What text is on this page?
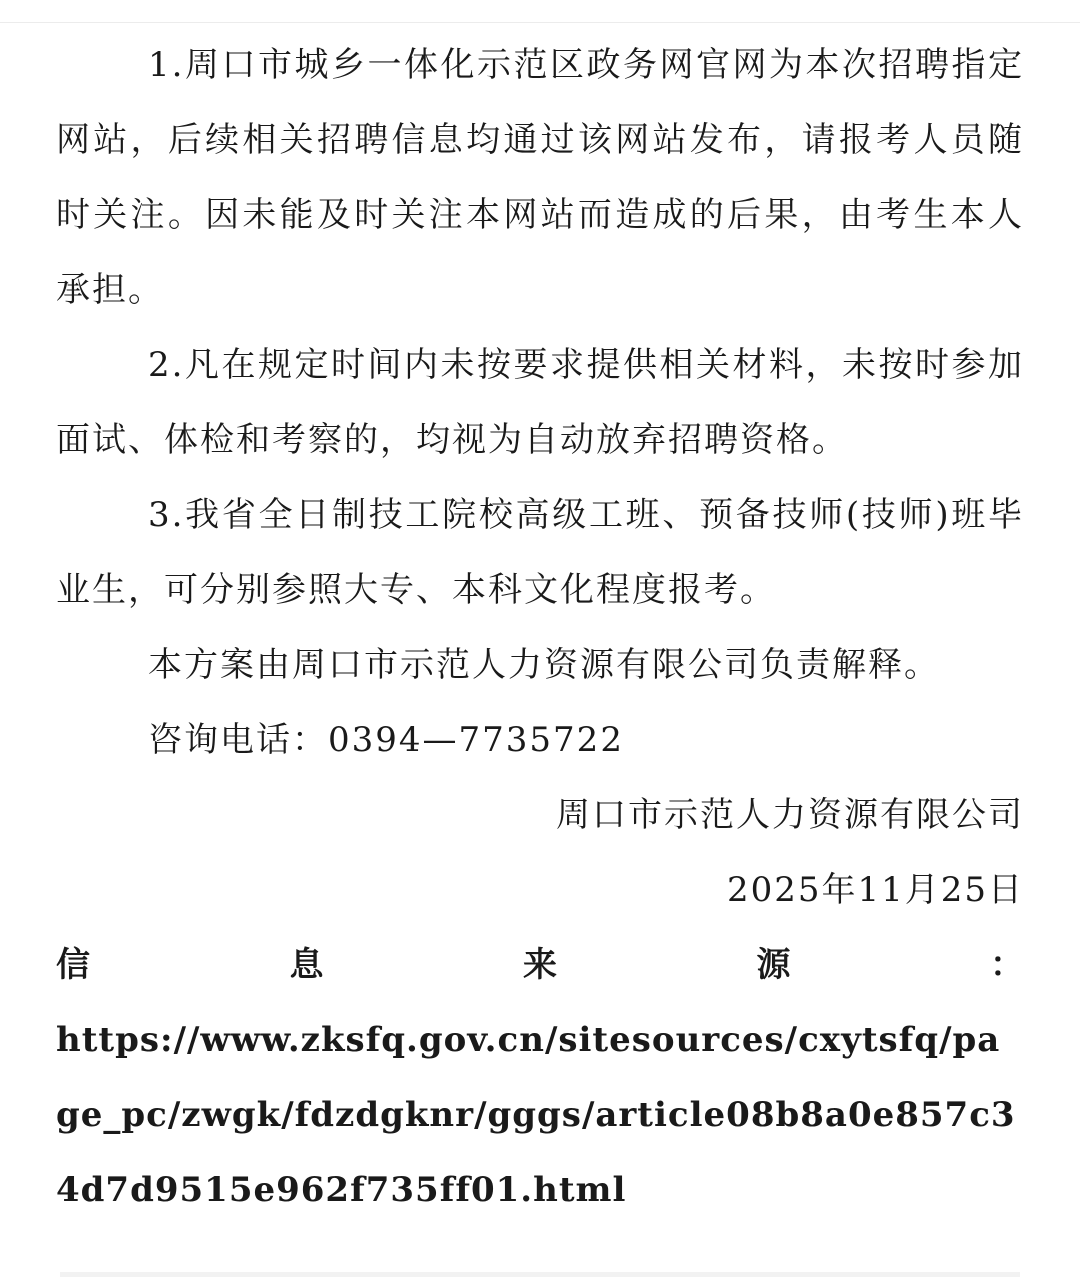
1.周口市城乡一体化示范区政务网官网为本次招聘指定网站，后续相关招聘信息均通过该网站发布，请报考人员随时关注。因未能及时关注本网站而造成的后果，由考生本人承担。

2.凡在规定时间内未按要求提供相关材料，未按时参加面试、体检和考察的，均视为自动放弃招聘资格。

3.我省全日制技工院校高级工班、预备技师(技师)班毕业生，可分别参照大专、本科文化程度报考。

本方案由周口市示范人力资源有限公司负责解释。

咨询电话：0394—7735722

周口市示范人力资源有限公司

2025年11月25日

信	息	来	源	：

https://www.zksfq.gov.cn/sitesources/cxytsfq/page_pc/zwgk/fdzdgknr/gggs/article08b8a0e857c34d7d9515e962f735ff01.html
